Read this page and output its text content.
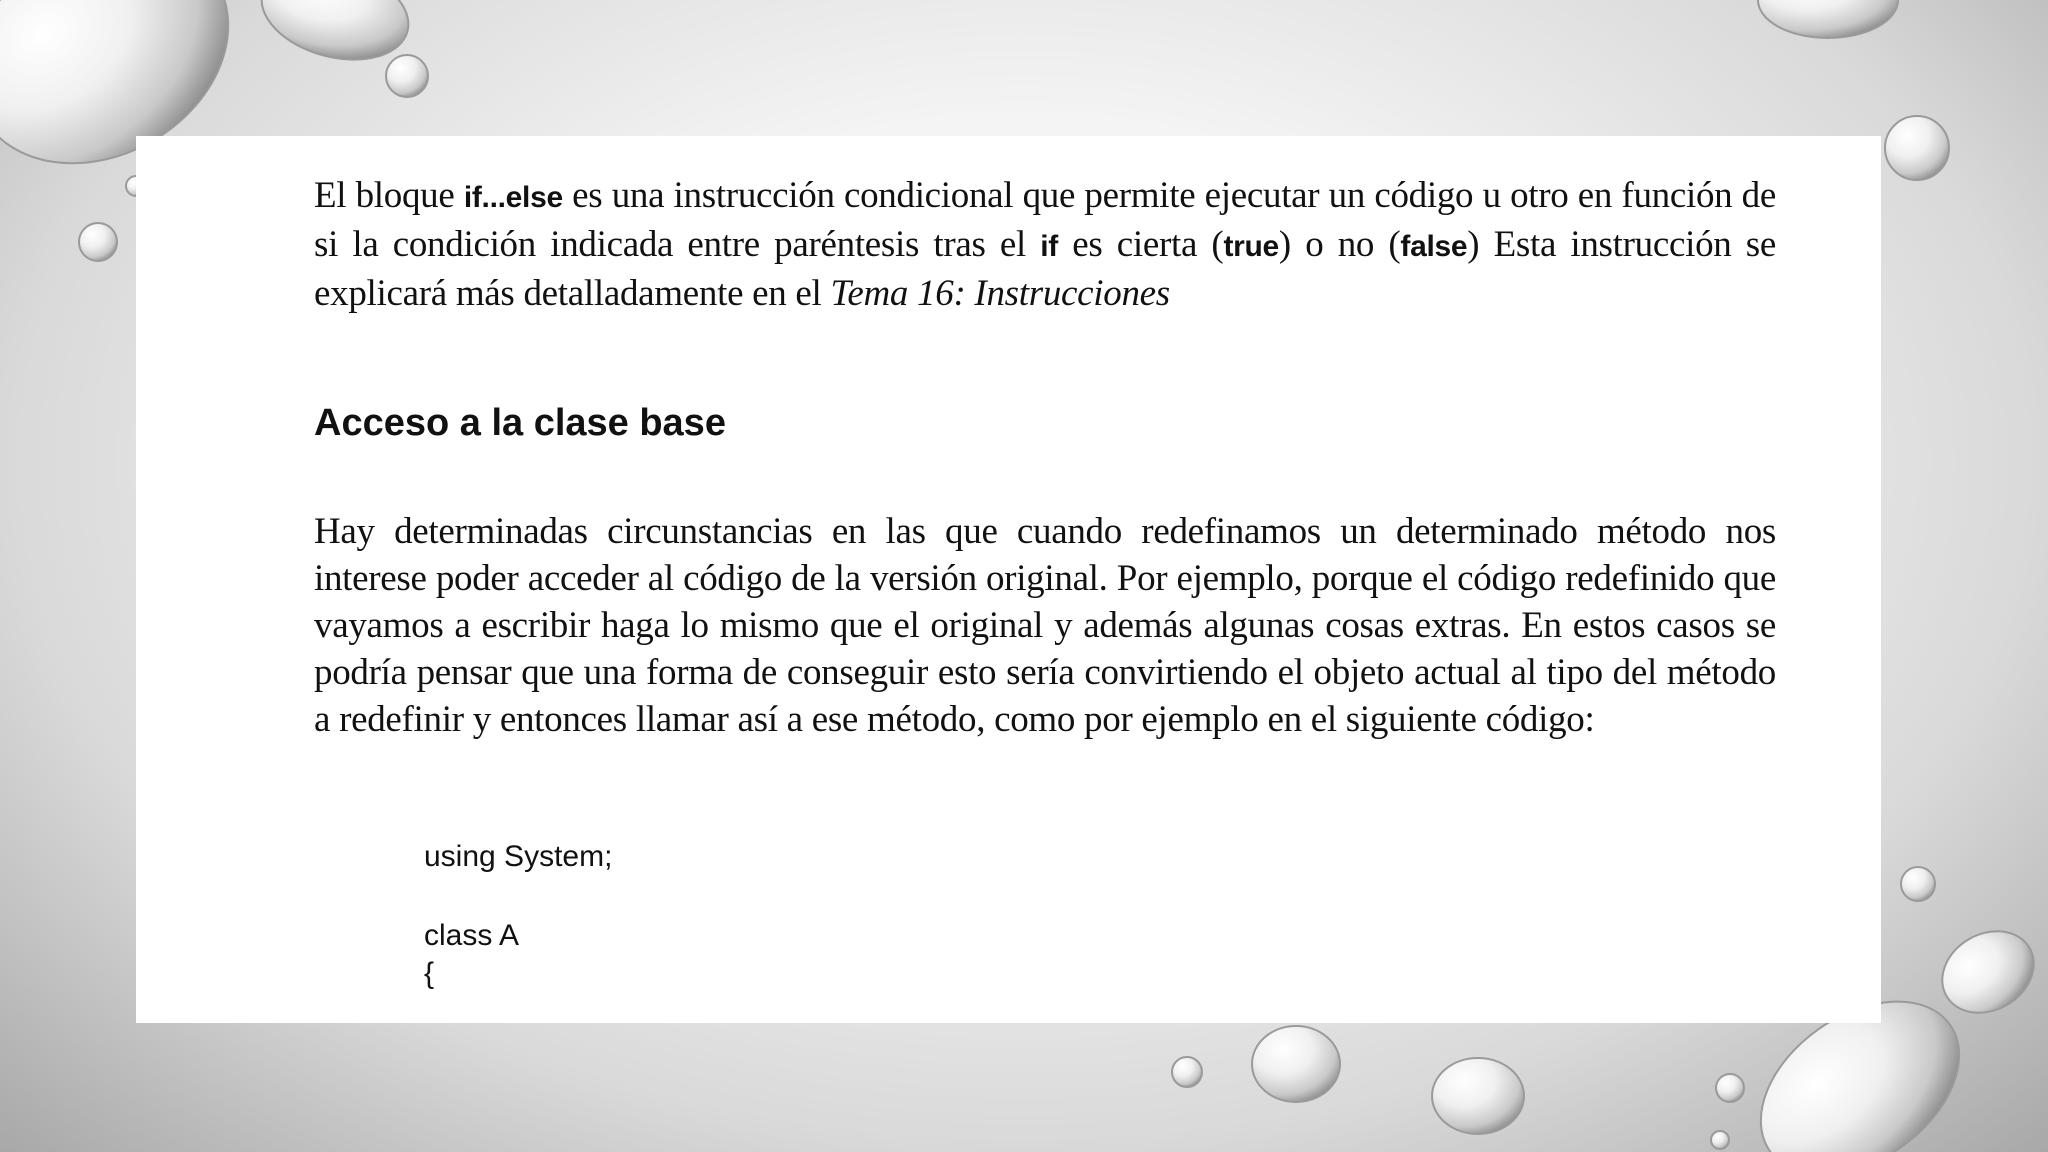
El bloque if...else es una instrucción condicional que permite ejecutar un código u otro en función de si la condición indicada entre paréntesis tras el if es cierta (true) o no (false) Esta instrucción se explicará más detalladamente en el Tema 16: Instrucciones

Acceso a la clase base

Hay determinadas circunstancias en las que cuando redefinamos un determinado método nos interese poder acceder al código de la versión original. Por ejemplo, porque el código redefinido que vayamos a escribir haga lo mismo que el original y además algunas cosas extras. En estos casos se podría pensar que una forma de conseguir esto sería convirtiendo el objeto actual al tipo del método a redefinir y entonces llamar así a ese método, como por ejemplo en el siguiente código:

using System;

class A

{
